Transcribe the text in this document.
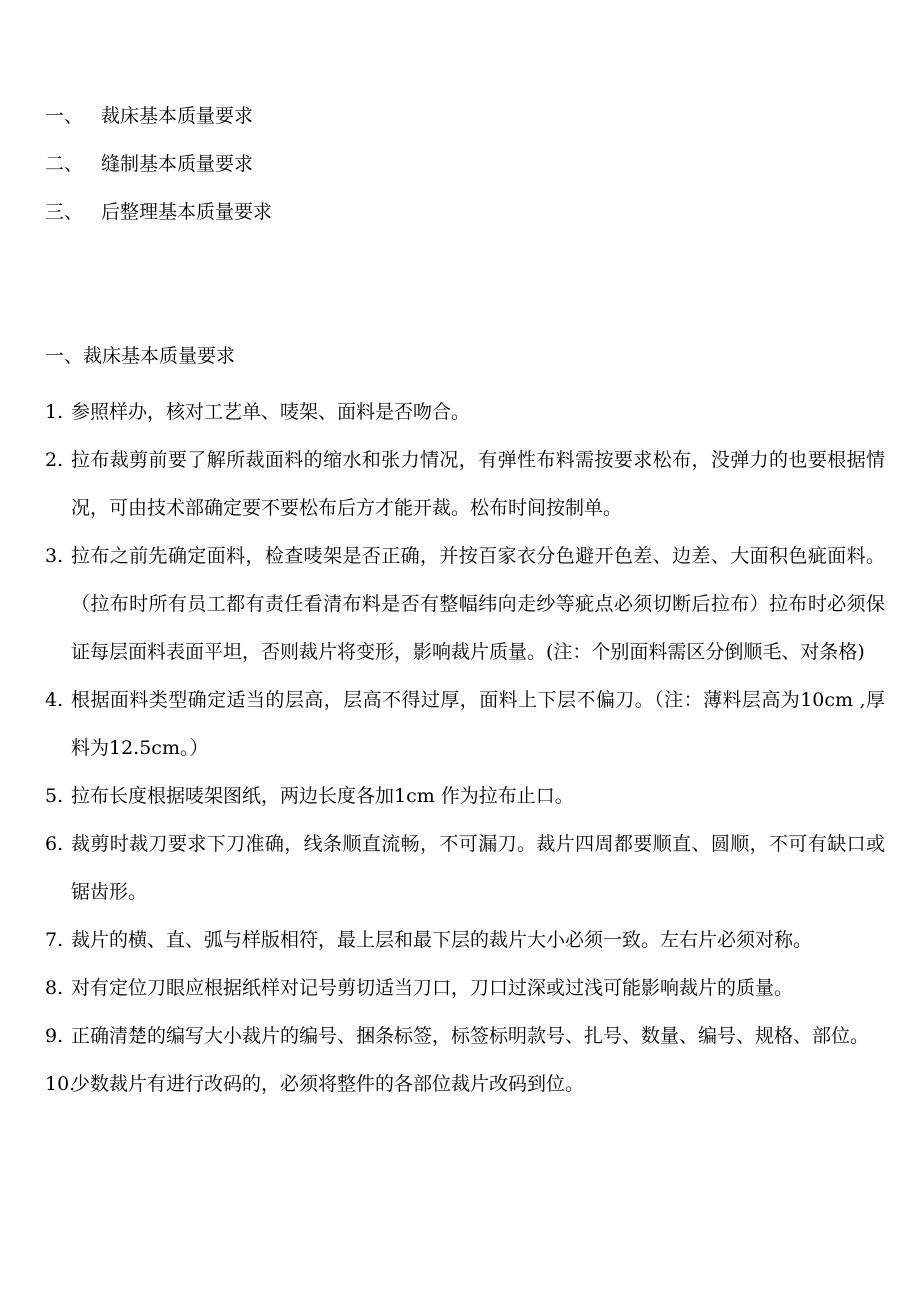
一、 裁床基本质量要求
二、 缝制基本质量要求
三、 后整理基本质量要求
一、裁床基本质量要求
1. 参照样办，核对工艺单、唛架、面料是否吻合。
2. 拉布裁剪前要了解所裁面料的缩水和张力情况，有弹性布料需按要求松布，没弹力的也要根据情况，可由技术部确定要不要松布后方才能开裁。松布时间按制单。
3. 拉布之前先确定面料，检查唛架是否正确，并按百家衣分色避开色差、边差、大面积色疵面料。（拉布时所有员工都有责任看清布料是否有整幅纬向走纱等疵点必须切断后拉布）拉布时必须保证每层面料表面平坦，否则裁片将变形，影响裁片质量。(注：个别面料需区分倒顺毛、对条格)
4. 根据面料类型确定适当的层高，层高不得过厚，面料上下层不偏刀。（注：薄料层高为10cm ,厚料为12.5cm。）
5. 拉布长度根据唛架图纸，两边长度各加1cm 作为拉布止口。
6. 裁剪时裁刀要求下刀准确，线条顺直流畅，不可漏刀。裁片四周都要顺直、圆顺，不可有缺口或锯齿形。
7. 裁片的横、直、弧与样版相符，最上层和最下层的裁片大小必须一致。左右片必须对称。
8. 对有定位刀眼应根据纸样对记号剪切适当刀口，刀口过深或过浅可能影响裁片的质量。
9. 正确清楚的编写大小裁片的编号、捆条标签，标签标明款号、扎号、数量、编号、规格、部位。
10.
少数裁片有进行改码的，必须将整件的各部位裁片改码到位。
